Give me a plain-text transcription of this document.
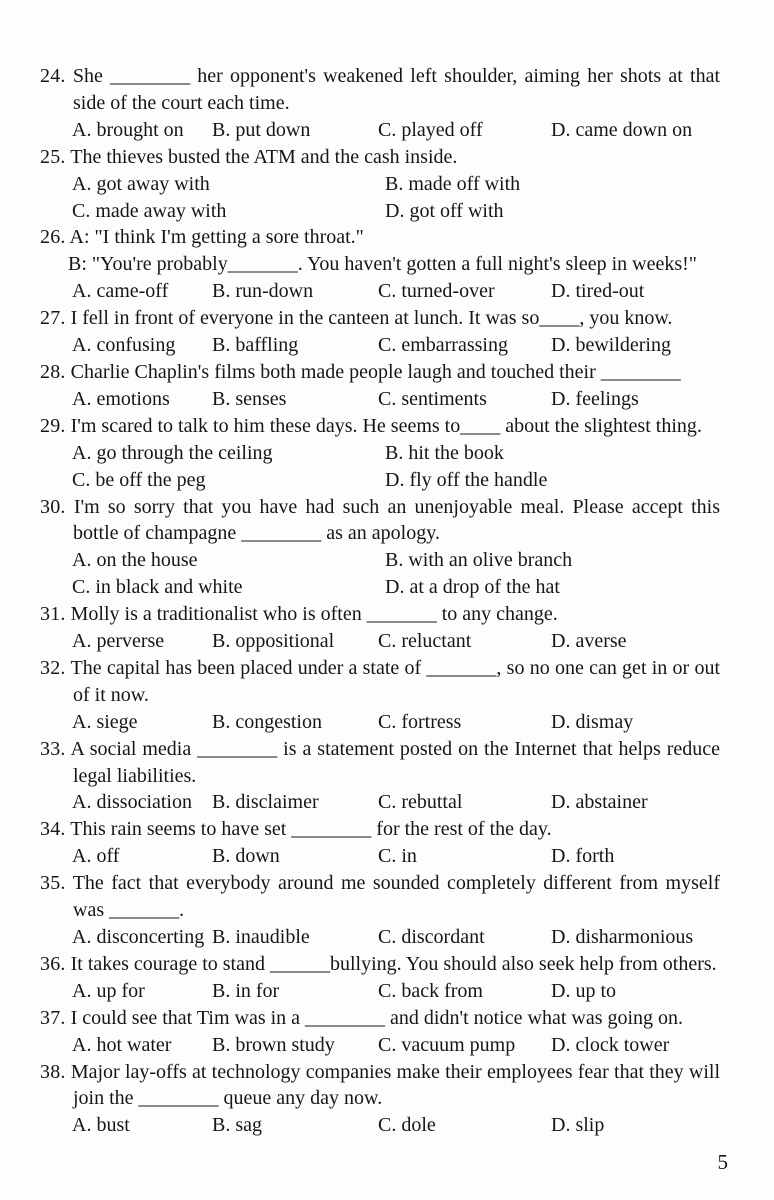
24. She ________ her opponent's weakened left shoulder, aiming her shots at that side of the court each time.

A. brought on	B. put down	C. played off	D. came down on

25. The thieves busted the ATM and the cash inside.

A. got away with	B. made off with
C. made away with	D. got off with

26. A: "I think I'm getting a sore throat."

B: "You're probably_______. You haven't gotten a full night's sleep in weeks!"

A. came-off	B. run-down	C. turned-over	D. tired-out

27. I fell in front of everyone in the canteen at lunch. It was so____, you know.

A. confusing	B. baffling	C. embarrassing	D. bewildering

28. Charlie Chaplin's films both made people laugh and touched their ________

A. emotions	B. senses	C. sentiments	D. feelings

29. I'm scared to talk to him these days. He seems to____ about the slightest thing.

A. go through the ceiling	B. hit the book
C. be off the peg	D. fly off the handle

30. I'm so sorry that you have had such an unenjoyable meal. Please accept this bottle of champagne ________ as an apology.

A. on the house	B. with an olive branch
C. in black and white	D. at a drop of the hat

31. Molly is a traditionalist who is often _______ to any change.

A. perverse	B. oppositional	C. reluctant	D. averse

32. The capital has been placed under a state of _______, so no one can get in or out of it now.

A. siege	B. congestion	C. fortress	D. dismay

33. A social media ________ is a statement posted on the Internet that helps reduce legal liabilities.

A. dissociation	B. disclaimer	C. rebuttal	D. abstainer

34. This rain seems to have set ________ for the rest of the day.

A. off	B. down	C. in	D. forth

35. The fact that everybody around me sounded completely different from myself was _______.

A. disconcerting B. inaudible	C. discordant	D. disharmonious

36. It takes courage to stand ______bullying. You should also seek help from others.

A. up for	B. in for	C. back from	D. up to

37. I could see that Tim was in a ________ and didn't notice what was going on.

A. hot water	B. brown study	C. vacuum pump	D. clock tower

38. Major lay-offs at technology companies make their employees fear that they will join the ________ queue any day now.

A. bust	B. sag	C. dole	D. slip
5
